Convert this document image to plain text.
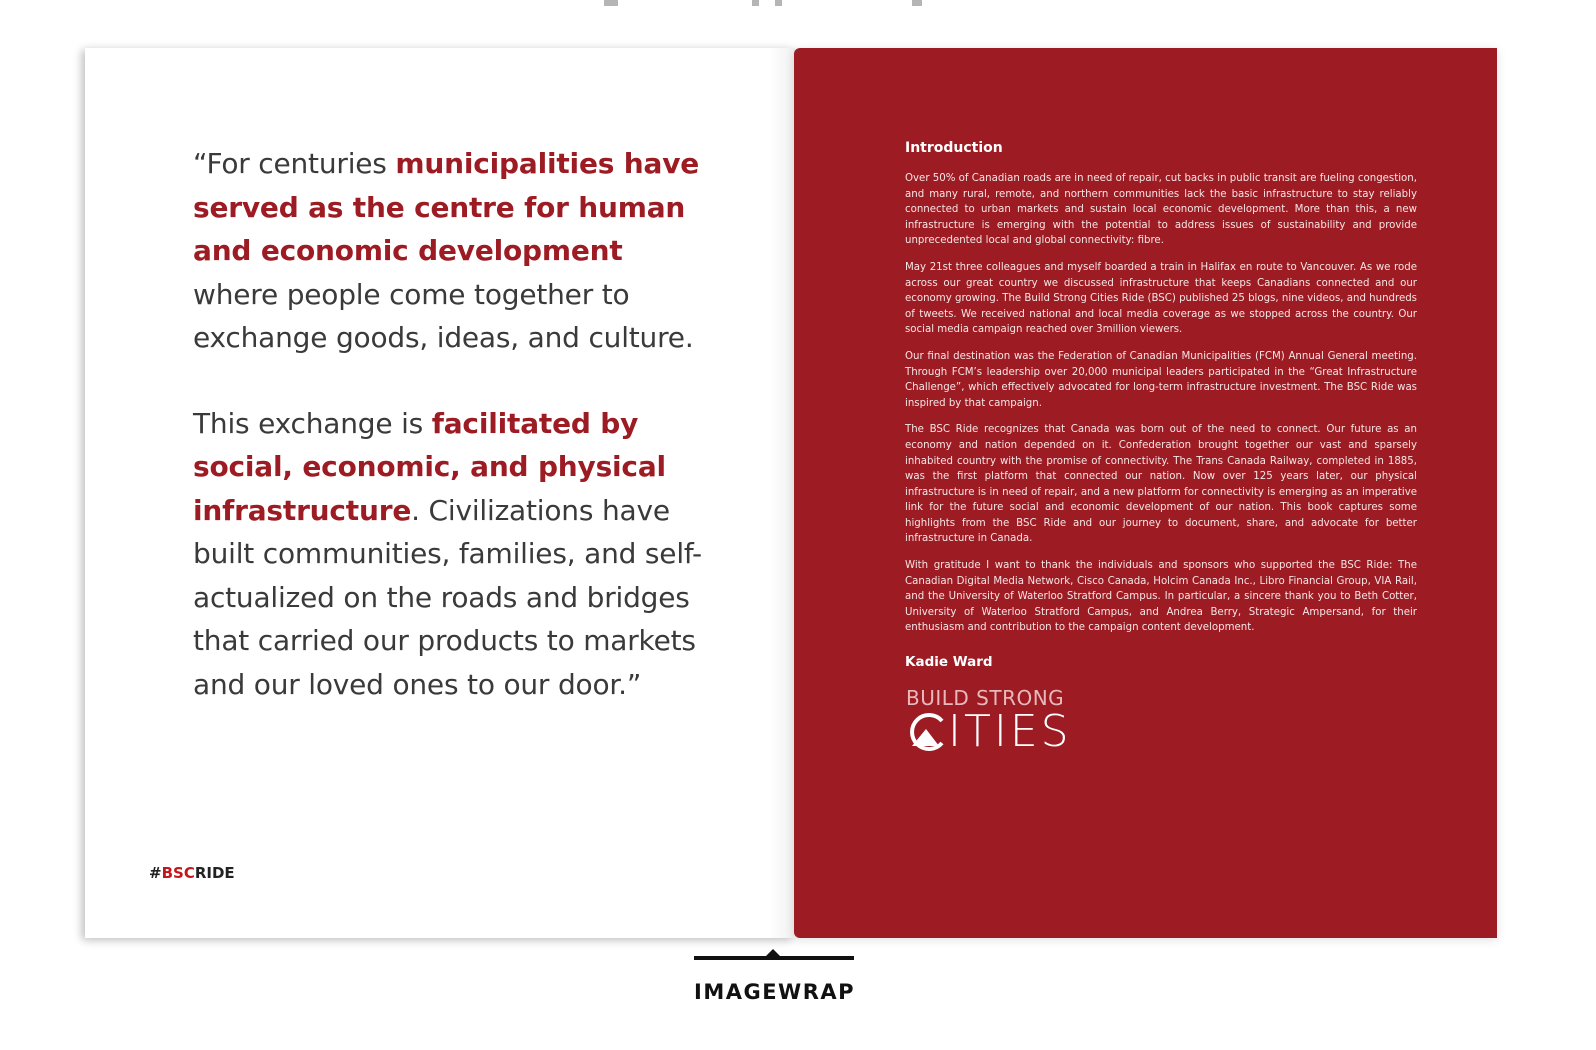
“For centuries municipalities have served as the centre for human and economic development where people come together to exchange goods, ideas, and culture.

This exchange is facilitated by social, economic, and physical infrastructure. Civilizations have built communities, families, and self-actualized on the roads and bridges that carried our products to markets and our loved ones to our door.”

#BSCRIDE
Introduction

Over 50% of Canadian roads are in need of repair, cut backs in public transit are fueling congestion, and many rural, remote, and northern communities lack the basic infrastructure to stay reliably connected to urban markets and sustain local economic development. More than this, a new infrastructure is emerging with the potential to address issues of sustainability and provide unprecedented local and global connectivity: fibre.

May 21st three colleagues and myself boarded a train in Halifax en route to Vancouver. As we rode across our great country we discussed infrastructure that keeps Canadians connected and our economy growing. The Build Strong Cities Ride (BSC) published 25 blogs, nine videos, and hundreds of tweets. We received national and local media coverage as we stopped across the country. Our social media campaign reached over 3million viewers.

Our final destination was the Federation of Canadian Municipalities (FCM) Annual General meeting. Through FCM’s leadership over 20,000 municipal leaders participated in the “Great Infrastructure Challenge”, which effectively advocated for long-term infrastructure investment. The BSC Ride was inspired by that campaign.

The BSC Ride recognizes that Canada was born out of the need to connect. Our future as an economy and nation depended on it. Confederation brought together our vast and sparsely inhabited country with the promise of connectivity. The Trans Canada Railway, completed in 1885, was the first platform that connected our nation. Now over 125 years later, our physical infrastructure is in need of repair, and a new platform for connectivity is emerging as an imperative link for the future social and economic development of our nation. This book captures some highlights from the BSC Ride and our journey to document, share, and advocate for better infrastructure in Canada.

With gratitude I want to thank the individuals and sponsors who supported the BSC Ride: The Canadian Digital Media Network, Cisco Canada, Holcim Canada Inc., Libro Financial Group, VIA Rail, and the University of Waterloo Stratford Campus. In particular, a sincere thank you to Beth Cotter, University of Waterloo Stratford Campus, and Andrea Berry, Strategic Ampersand, for their enthusiasm and contribution to the campaign content development.

Kadie Ward
BUILD STRONG
ITIES
IMAGEWRAP
